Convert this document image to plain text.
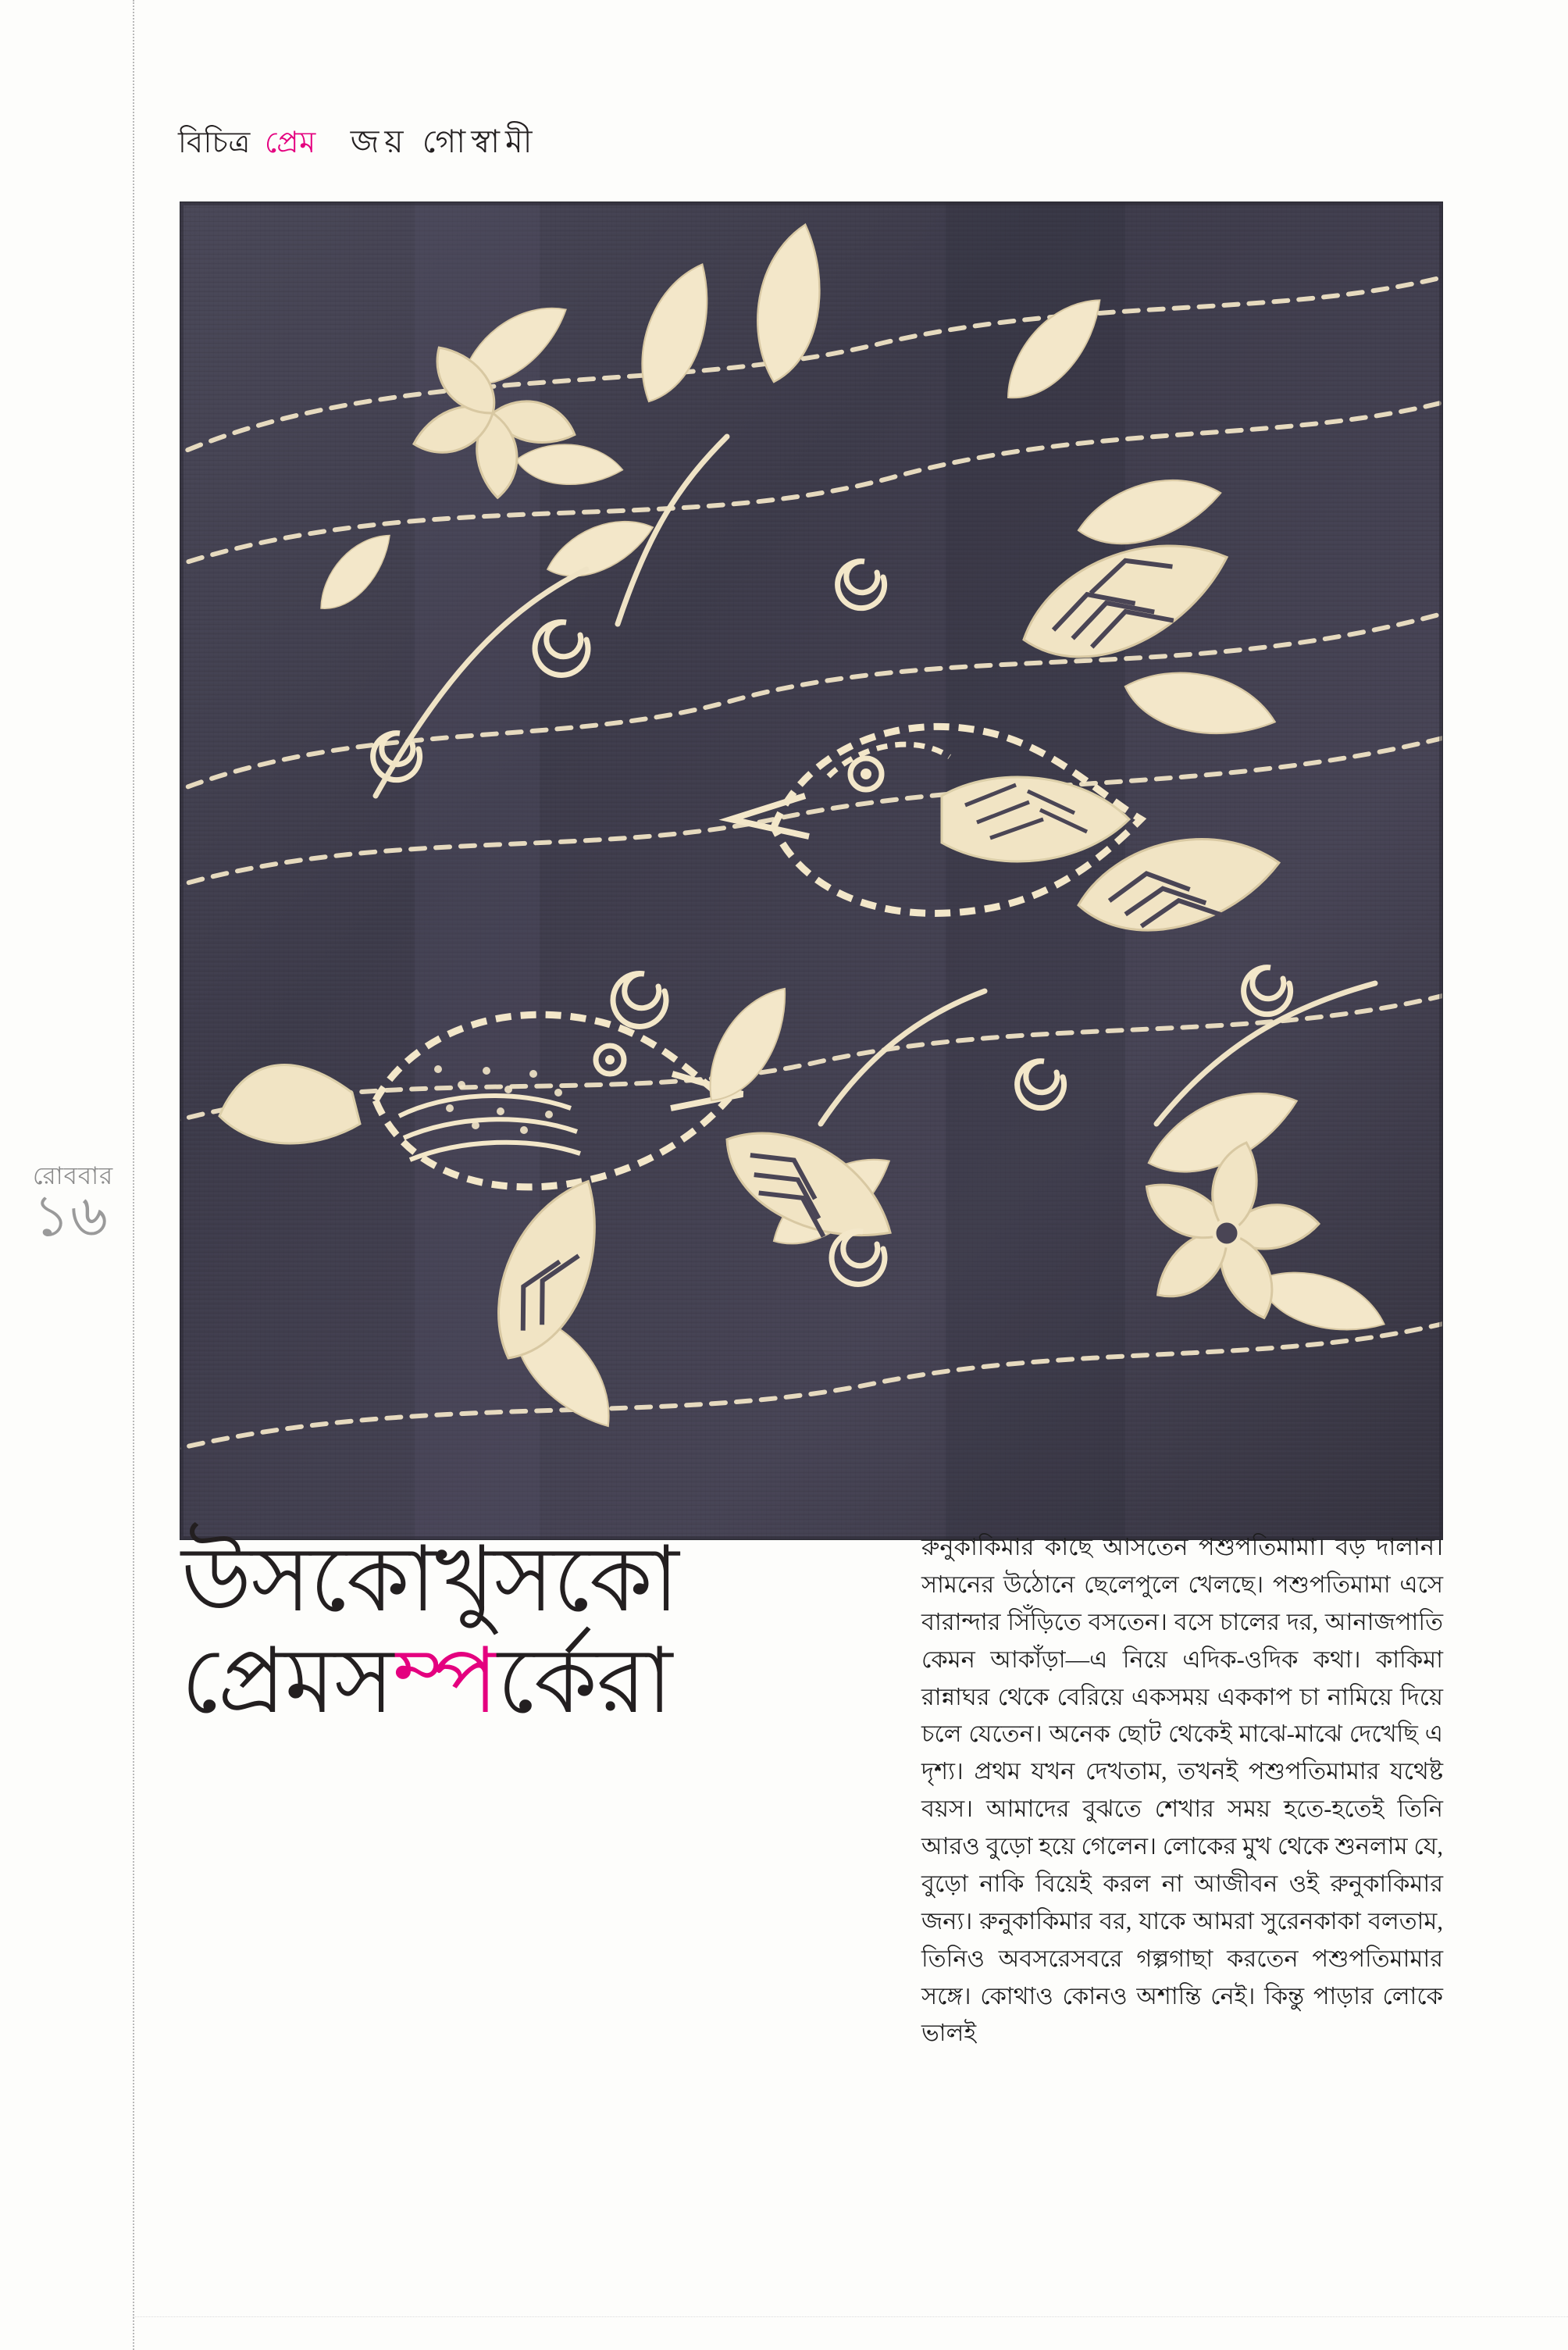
রোববার
১৬
বিচিত্র প্রেম জয় গোস্বামী
উসকোখুসকো
প্রেমসম্পর্কেরা

রুনুকাকিমার কাছে আসতেন পশুপতিমামা। বড় দালান। সামনের উঠোনে ছেলেপুলে খেলছে। পশুপতিমামা এসে বারান্দার সিঁড়িতে বসতেন। বসে চালের দর, আনাজপাতি কেমন আকাঁড়া—এ নিয়ে এদিক-ওদিক কথা। কাকিমা রান্নাঘর থেকে বেরিয়ে একসময় এককাপ চা নামিয়ে দিয়ে চলে যেতেন। অনেক ছোট থেকেই মাঝে-মাঝে দেখেছি এ দৃশ্য। প্রথম যখন দেখতাম, তখনই পশুপতিমামার যথেষ্ট বয়স। আমাদের বুঝতে শেখার সময় হতে-হতেই তিনি আরও বুড়ো হয়ে গেলেন। লোকের মুখ থেকে শুনলাম যে, বুড়ো নাকি বিয়েই করল না আজীবন ওই রুনুকাকিমার জন্য। রুনুকাকিমার বর, যাকে আমরা সুরেনকাকা বলতাম, তিনিও অবসরেসবরে গল্পগাছা করতেন পশুপতিমামার সঙ্গে। কোথাও কোনও অশান্তি নেই। কিন্তু পাড়ার লোকে ভালই
